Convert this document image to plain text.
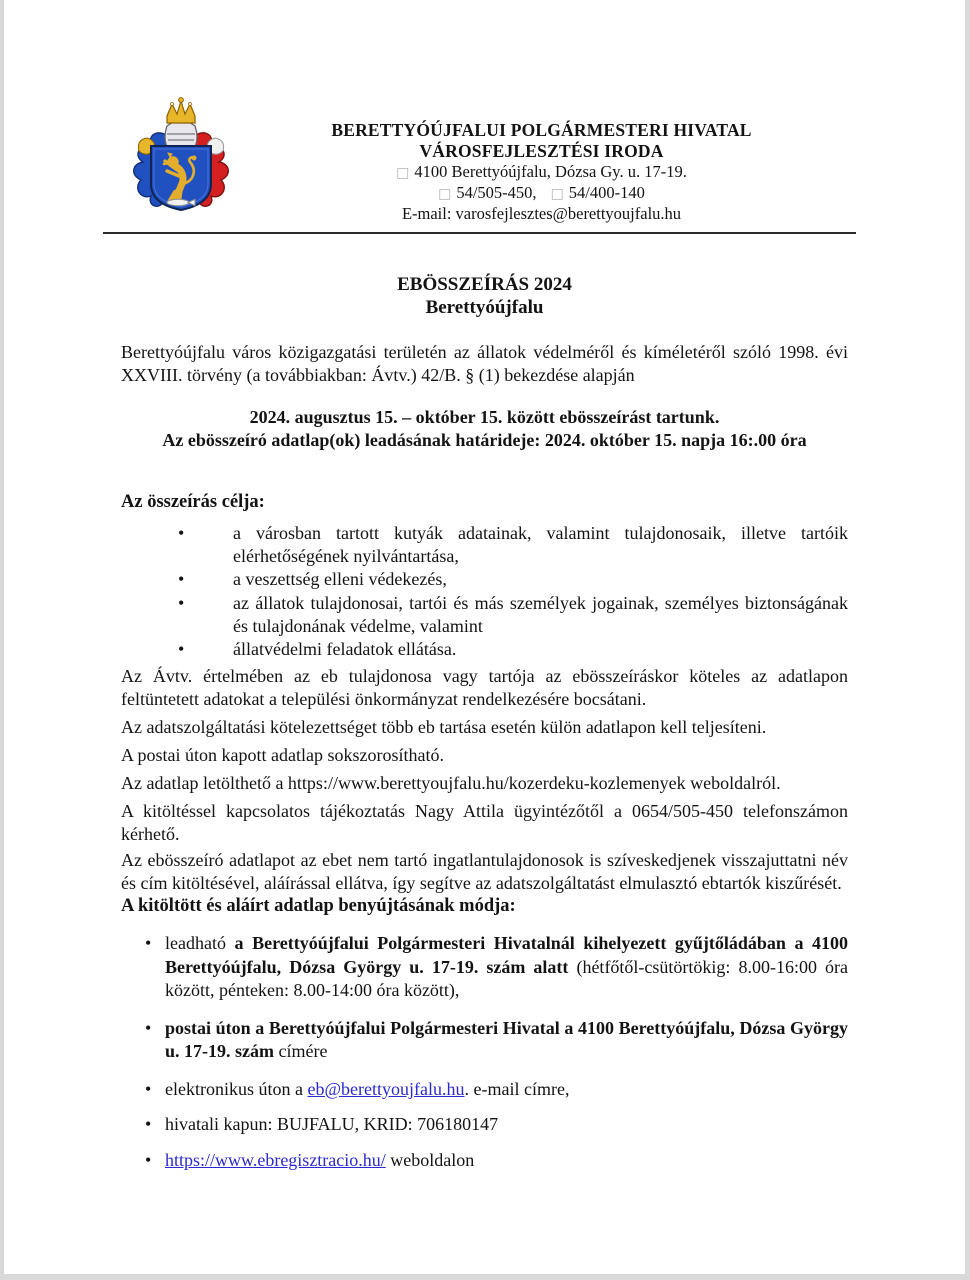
BERETTYÓÚJFALUI POLGÁRMESTERI HIVATAL
VÁROSFEJLESZTÉSI IRODA
□ 4100 Berettyóújfalu, Dózsa Gy. u. 17-19.
□ 54/505-450, □ 54/400-140
E-mail: varosfejlesztes@berettyoujfalu.hu
EBÖSSZEÍRÁS 2024
Berettyóújfalu

Berettyóújfalu város közigazgatási területén az állatok védelméről és kíméletéről szóló 1998. évi XXVIII. törvény (a továbbiakban: Ávtv.) 42/B. § (1) bekezdése alapján

2024. augusztus 15. – október 15. között ebösszeírást tartunk.
Az ebösszeíró adatlap(ok) leadásának határideje: 2024. október 15. napja 16:.00 óra
Az összeírás célja:
• a városban tartott kutyák adatainak, valamint tulajdonosaik, illetve tartóik elérhetőségének nyilvántartása,
• a veszettség elleni védekezés,
• az állatok tulajdonosai, tartói és más személyek jogainak, személyes biztonságának és tulajdonának védelme, valamint
• állatvédelmi feladatok ellátása.

Az Ávtv. értelmében az eb tulajdonosa vagy tartója az ebösszeíráskor köteles az adatlapon feltüntetett adatokat a települési önkormányzat rendelkezésére bocsátani.

Az adatszolgáltatási kötelezettséget több eb tartása esetén külön adatlapon kell teljesíteni.

A postai úton kapott adatlap sokszorosítható.

Az adatlap letölthető a https://www.berettyoujfalu.hu/kozerdeku-kozlemenyek weboldalról.

A kitöltéssel kapcsolatos tájékoztatás Nagy Attila ügyintézőtől a 0654/505-450 telefonszámon kérhető.

Az ebösszeíró adatlapot az ebet nem tartó ingatlantulajdonosok is szíveskedjenek visszajuttatni név és cím kitöltésével, aláírással ellátva, így segítve az adatszolgáltatást elmulasztó ebtartók kiszűrését.

A kitöltött és aláírt adatlap benyújtásának módja:
• leadható a Berettyóújfalui Polgármesteri Hivatalnál kihelyezett gyűjtőládában a 4100 Berettyóújfalu, Dózsa György u. 17-19. szám alatt (hétfőtől-csütörtökig: 8.00-16:00 óra között, pénteken: 8.00-14:00 óra között),
• postai úton a Berettyóújfalui Polgármesteri Hivatal a 4100 Berettyóújfalu, Dózsa György u. 17-19. szám címére
• elektronikus úton a eb@berettyoujfalu.hu. e-mail címre,
• hivatali kapun: BUJFALU, KRID: 706180147
• https://www.ebregisztracio.hu/ weboldalon
